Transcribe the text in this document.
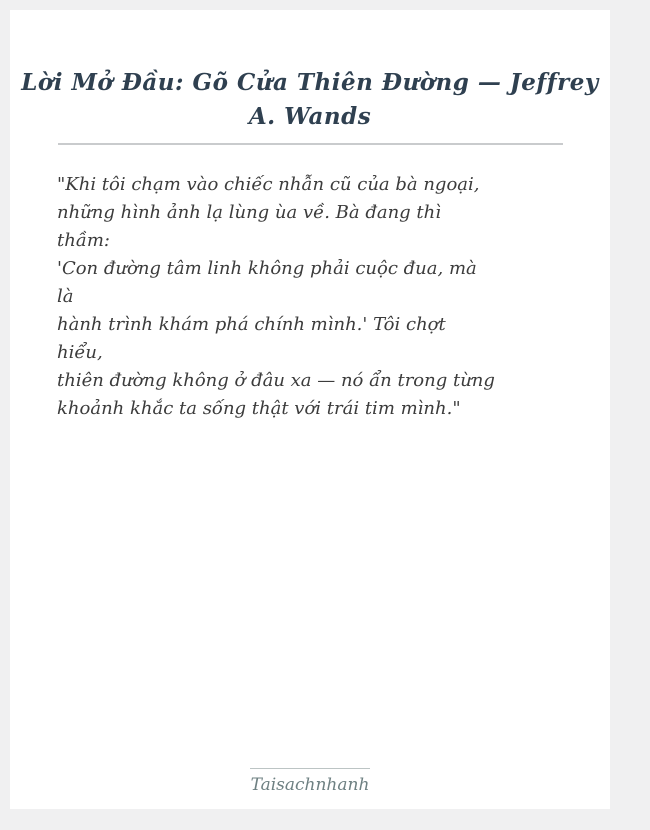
Lời Mở Đầu: Gõ Cửa Thiên Đường — Jeffrey A. Wands
"Khi tôi chạm vào chiếc nhẫn cũ của bà ngoại,
những hình ảnh lạ lùng ùa về. Bà đang thì
thầm:
'Con đường tâm linh không phải cuộc đua, mà
là
hành trình khám phá chính mình.' Tôi chợt
hiểu,
thiên đường không ở đâu xa — nó ẩn trong từng
khoảnh khắc ta sống thật với trái tim mình."
Taisachnhanh
